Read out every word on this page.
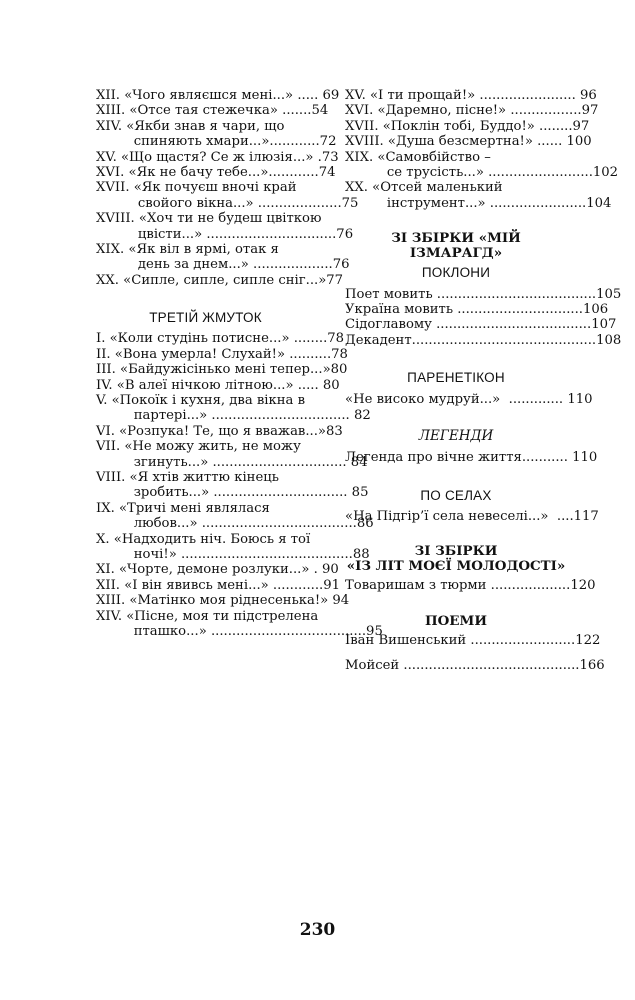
XII. «Чого являєшся мені...» ..... 69
XIII. «Отсе тая стежечка» .......54
XIV. «Якби знав я чари, що
спиняють хмари...»............72
XV. «Що щастя? Се ж ілюзія...» .73
XVI. «Як не бачу тебе...»............74
XVII. «Як почуєш вночі край
свойого вікна...» ....................75
XVIII. «Хоч ти не будеш цвіткою
цвісти...» ...............................76
XIX. «Як віл в ярмі, отак я
день за днем...» ...................76
XX. «Сипле, сипле, сипле сніг...»77
ТРЕТІЙ ЖМУТОК
I. «Коли студінь потисне...» ........78
II. «Вона умерла! Слухай!» ..........78
III. «Байдужісінько мені тепер...»80
IV. «В алеї нічкою літною...» ..... 80
V. «Покоїк і кухня, два вікна в
партері...» ................................. 82
VI. «Розпука! Те, що я вважав...»83
VII. «Не можу жить, не можу
згинуть...» ................................ 84
VIII. «Я хтів життю кінець
зробить...» ................................ 85
IX. «Тричі мені являлася
любов...» .....................................86
X. «Надходить ніч. Боюсь я тої
ночі!» .........................................88
XI. «Чорте, демоне розлуки...» . 90
XII. «І він явивсь мені...» ............91
XIII. «Матінко моя ріднесенька!» 94
XIV. «Пісне, моя ти підстрелена
пташко...» .....................................95
XV. «І ти прощай!» ....................... 96
XVI. «Даремно, пісне!» .................97
XVII. «Поклін тобі, Буддо!» ........97
XVIII. «Душа безсмертна!» ...... 100
XIX. «Самовбійство –
се трусість...» .........................102
XX. «Отсей маленький
інструмент...» .......................104
ЗІ ЗБІРКИ «МІЙ ІЗМАРАГД»
ПОКЛОНИ
Поет мовить ......................................105
Україна мовить ..............................106
Сідоглавому .....................................107
Декадент............................................108
ПАРЕНЕТІКОН
«Не високо мудруй...»  ............. 110
ЛЕГЕНДИ
Легенда про вічне життя........... 110
ПО СЕЛАХ
«На Підгір’ї села невеселі...»  ....117
ЗІ ЗБІРКИ
«ІЗ ЛІТ МОЄЇ МОЛОДОСТІ»
Товаришам з тюрми ...................120
ПОЕМИ
Іван Вишенський .........................122
Мойсей ..........................................166
230
